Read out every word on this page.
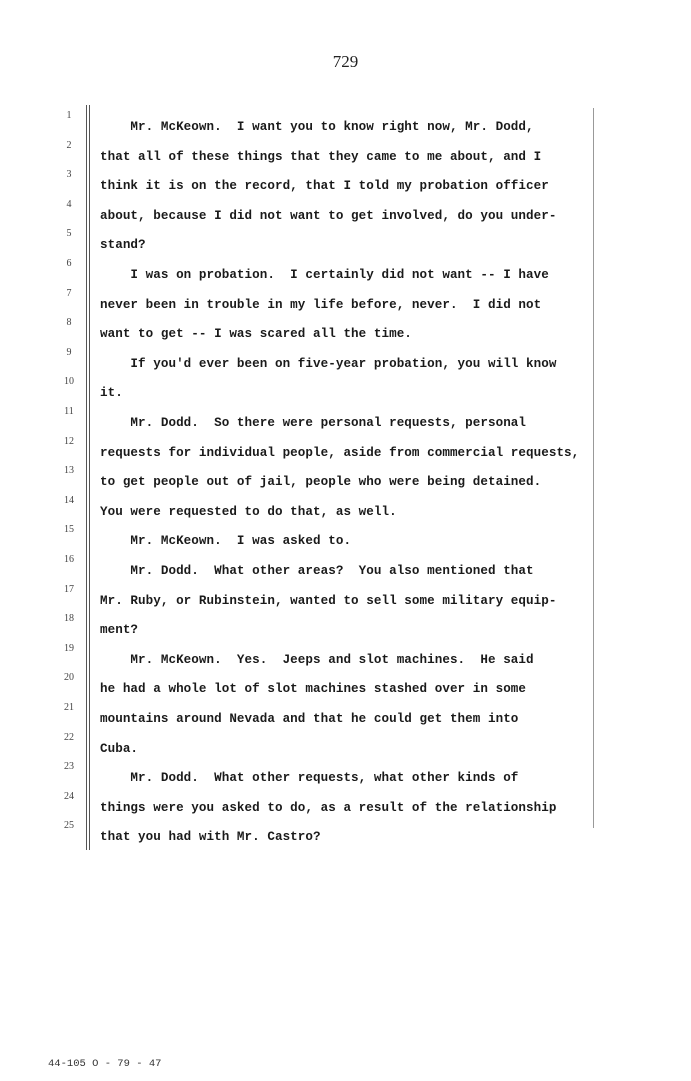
729
1
2
3
4
5
6
7
8
9
10
11
12
13
14
15
16
17
18
19
20
21
22
23
24
25
Mr. McKeown.  I want you to know right now, Mr. Dodd,
that all of these things that they came to me about, and I
think it is on the record, that I told my probation officer
about, because I did not want to get involved, do you under-
stand?
I was on probation.  I certainly did not want -- I have
never been in trouble in my life before, never.  I did not
want to get -- I was scared all the time.
If you'd ever been on five-year probation, you will know
it.
Mr. Dodd.  So there were personal requests, personal
requests for individual people, aside from commercial requests,
to get people out of jail, people who were being detained.
You were requested to do that, as well.
Mr. McKeown.  I was asked to.
Mr. Dodd.  What other areas?  You also mentioned that
Mr. Ruby, or Rubinstein, wanted to sell some military equip-
ment?
Mr. McKeown.  Yes.  Jeeps and slot machines.  He said
he had a whole lot of slot machines stashed over in some
mountains around Nevada and that he could get them into
Cuba.
Mr. Dodd.  What other requests, what other kinds of
things were you asked to do, as a result of the relationship
that you had with Mr. Castro?
44-105 O - 79 - 47
